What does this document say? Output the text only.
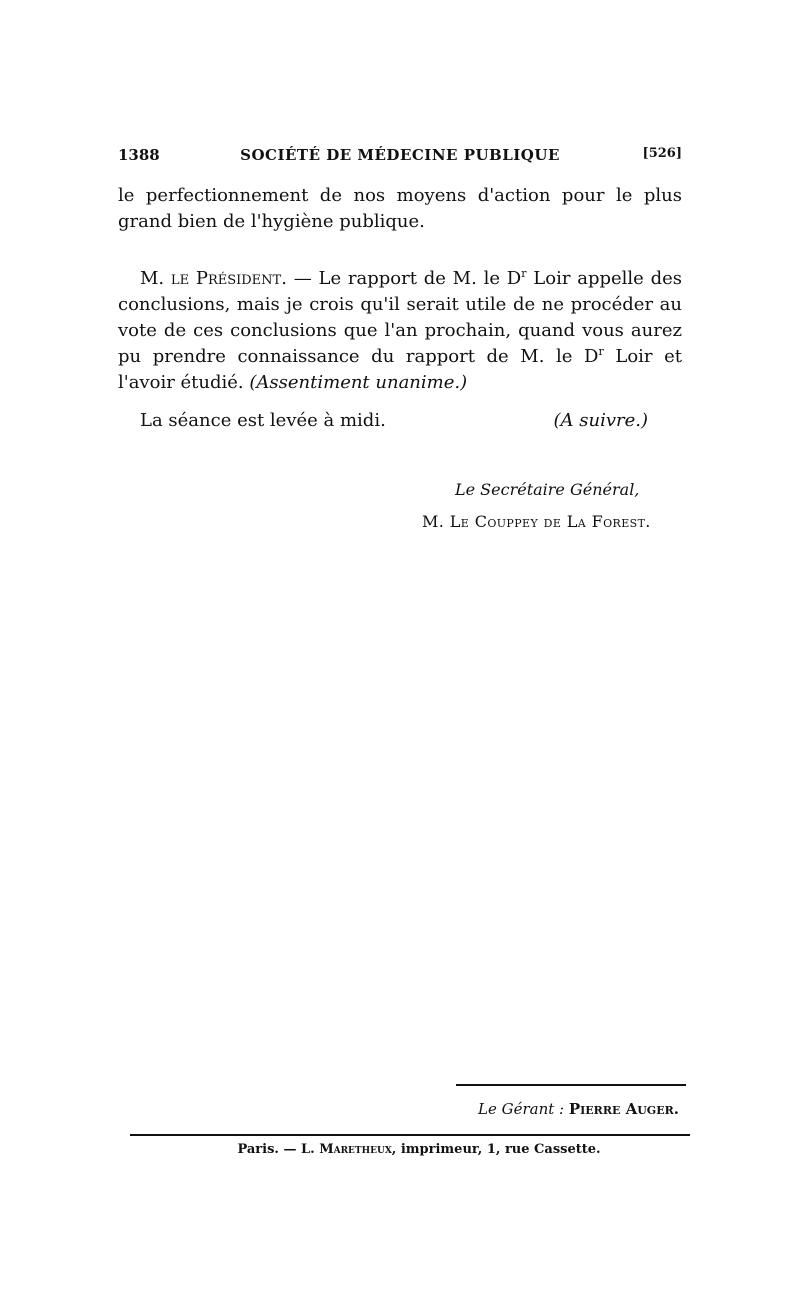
1388	SOCIÉTÉ DE MÉDECINE PUBLIQUE	[526]
le perfectionnement de nos moyens d'action pour le plus grand bien de l'hygiène publique.
M. le Président. — Le rapport de M. le $D^r$ Loir appelle des conclusions, mais je crois qu'il serait utile de ne procéder au vote de ces conclusions que l'an prochain, quand vous aurez pu prendre connaissance du rapport de M. le $D^r$ Loir et l'avoir étudié. (Assentiment unanime.)
La séance est levée à midi.	(A suivre.)
Le Secrétaire Général,
M. Le Couppey de La Forest.
Le Gérant : Pierre Auger.
Paris. — L. Maretheux, imprimeur, 1, rue Cassette.
